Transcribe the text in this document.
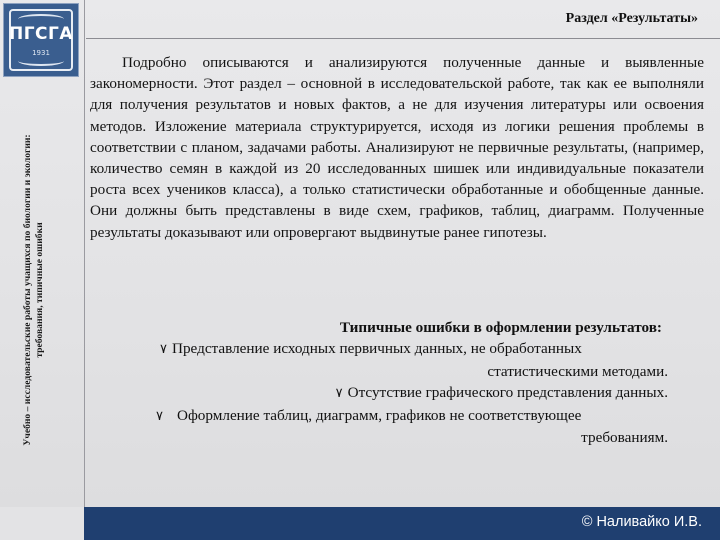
ПГСГА
1931
Учебно – исследовательские работы учащихся по биологии и экологии: требования, типичные ошибки
Раздел «Результаты»
Подробно описываются и анализируются полученные данные и выявленные закономерности. Этот раздел – основной в исследовательской работе, так как ее выполняли для получения результатов и новых фактов, а не для изучения литературы или освоения методов. Изложение материала структурируется, исходя из логики решения проблемы в соответствии с планом, задачами работы. Анализируют не первичные результаты, (например, количество семян в каждой из 20 исследованных шишек или индивидуальные показатели роста всех учеников класса), а только статистически обработанные и обобщенные данные. Они должны быть представлены в виде схем, графиков, таблиц, диаграмм. Полученные результаты доказывают или опровергают выдвинутые ранее гипотезы.
Типичные ошибки в оформлении результатов:
٧ Представление исходных первичных данных, не обработанных
статистическими методами.
٧ Отсутствие графического представления данных.
٧ Оформление таблиц, диаграмм, графиков не соответствующее
требованиям.
© Наливайко И.В.
